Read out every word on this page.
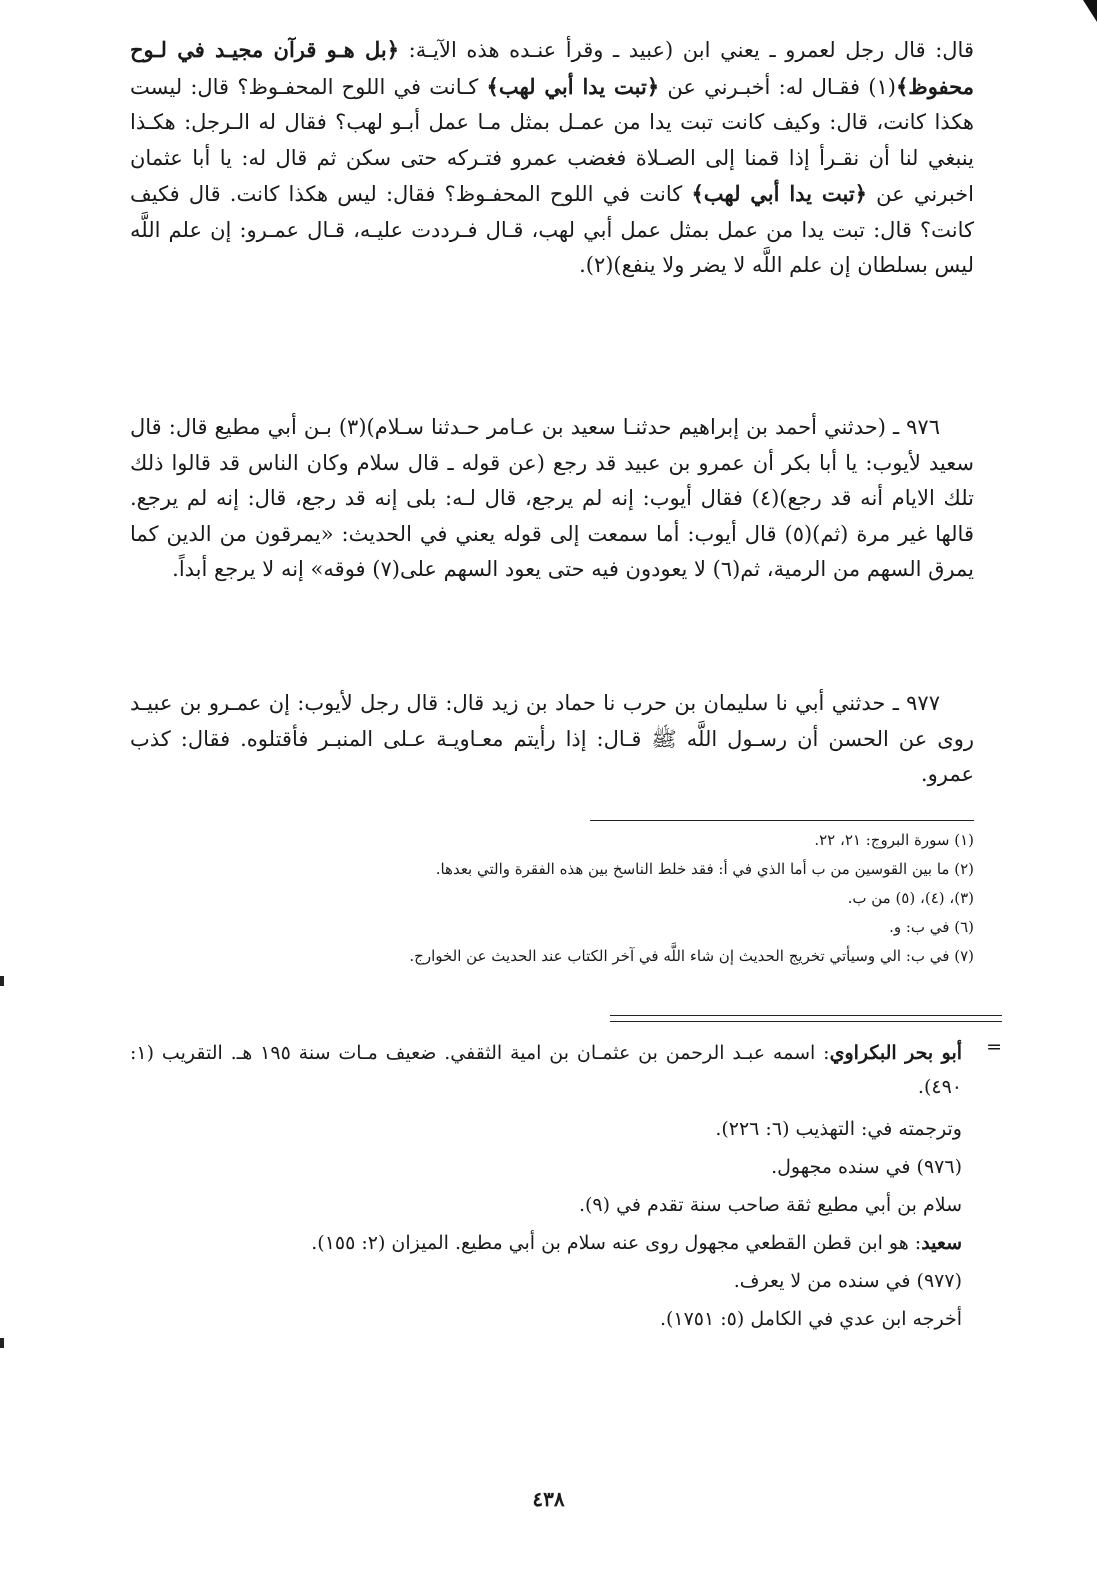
قال: قال رجل لعمرو ـ يعني ابن (عبيد ـ وقرأ عنـده هذه الآيـة: ﴿بل هـو قرآن مجيـد في لـوح محفوظ﴾(١) فقـال له: أخبـرني عن ﴿تبت يدا أبي لهب﴾ كـانت في اللوح المحفـوظ؟ قال: ليست هكذا كانت، قال: وكيف كانت تبت يدا من عمـل بمثل مـا عمل أبـو لهب؟ فقال له الـرجل: هكـذا ينبغي لنا أن نقـرأ إذا قمنا إلى الصـلاة فغضب عمرو فتـركه حتى سكن ثم قال له: يا أبا عثمان اخبرني عن ﴿تبت يدا أبي لهب﴾ كانت في اللوح المحفـوظ؟ فقال: ليس هكذا كانت. قال فكيف كانت؟ قال: تبت يدا من عمل بمثل عمل أبي لهب، قـال فـرددت عليـه، قـال عمـرو: إن علم اللَّه ليس بسلطان إن علم اللَّه لا يضر ولا ينفع)(٢).

٩٧٦ ـ (حدثني أحمد بن إبراهيم حدثنـا سعيد بن عـامر حـدثنا سـلام)(٣) بـن أبي مطيع قال: قال سعيد لأيوب: يا أبا بكر أن عمرو بن عبيد قد رجع (عن قوله ـ قال سلام وكان الناس قد قالوا ذلك تلك الايام أنه قد رجع)(٤) فقال أيوب: إنه لم يرجع، قال لـه: بلى إنه قد رجع، قال: إنه لم يرجع. قالها غير مرة (ثم)(٥) قال أيوب: أما سمعت إلى قوله يعني في الحديث: «يمرقون من الدين كما يمرق السهم من الرمية، ثم(٦) لا يعودون فيه حتى يعود السهم على(٧) فوقه» إنه لا يرجع أبداً.

٩٧٧ ـ حدثني أبي نا سليمان بن حرب نا حماد بن زيد قال: قال رجل لأيوب: إن عمـرو بن عبيـد روى عن الحسن أن رسـول اللَّه ﷺ قـال: إذا رأيتم معـاويـة عـلى المنبـر فأقتلوه. فقال: كذب عمرو.

(١) سورة البروج: ٢١، ٢٢.
(٢) ما بين القوسين من ب أما الذي في أ: فقد خلط الناسخ بين هذه الفقرة والتي بعدها.
(٣)، (٤)، (٥) من ب.
(٦) في ب: و.
(٧) في ب: الي وسيأتي تخريج الحديث إن شاء اللَّه في آخر الكتاب عند الحديث عن الخوارج.
=
أبو بحر البكراوي: اسمه عبـد الرحمن بن عثمـان بن امية الثقفي. ضعيف مـات سنة ١٩٥ هـ. التقريب (١: ٤٩٠).
وترجمته في: التهذيب (٦: ٢٢٦).
(٩٧٦) في سنده مجهول.
سلام بن أبي مطيع ثقة صاحب سنة تقدم في (٩).
سعيد: هو ابن قطن القطعي مجهول روى عنه سلام بن أبي مطيع. الميزان (٢: ١٥٥).
(٩٧٧) في سنده من لا يعرف.
أخرجه ابن عدي في الكامل (٥: ١٧٥١).
٤٣٨
